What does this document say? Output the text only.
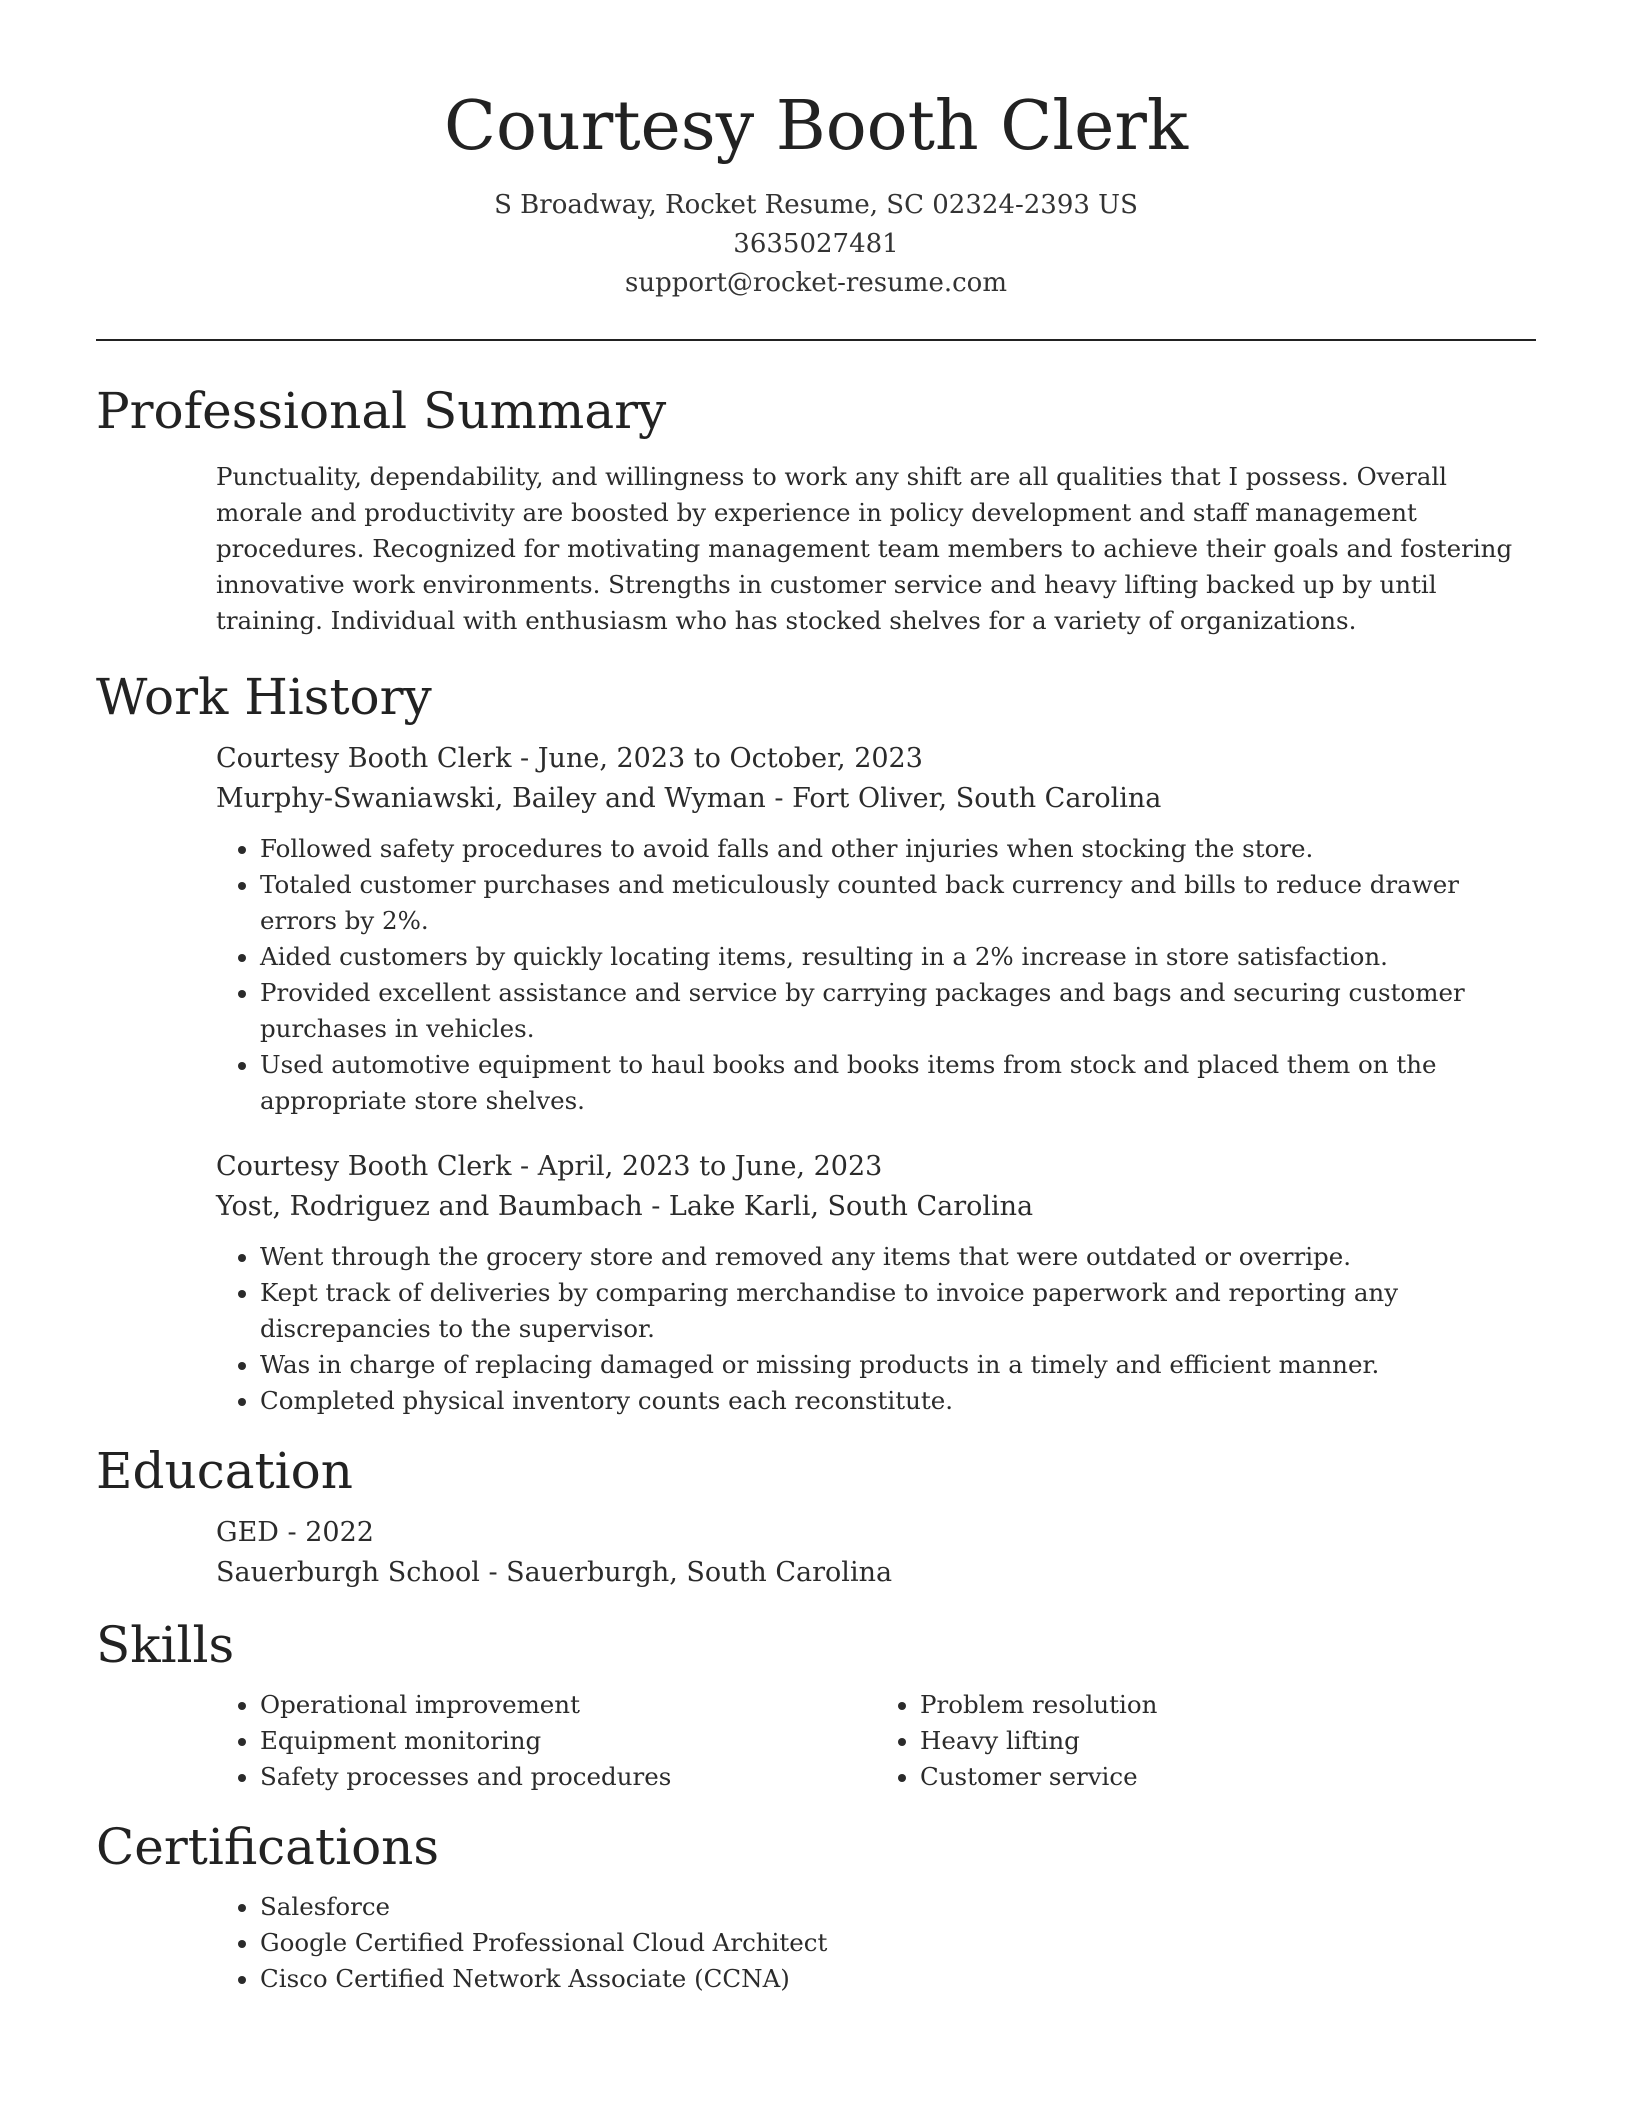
Courtesy Booth Clerk
S Broadway, Rocket Resume, SC 02324-2393 US
3635027481
support@rocket-resume.com
Professional Summary

Punctuality, dependability, and willingness to work any shift are all qualities that I possess. Overall morale and productivity are boosted by experience in policy development and staff management procedures. Recognized for motivating management team members to achieve their goals and fostering innovative work environments. Strengths in customer service and heavy lifting backed up by until training. Individual with enthusiasm who has stocked shelves for a variety of organizations.

Work History
Courtesy Booth Clerk - June, 2023 to October, 2023
Murphy-Swaniawski, Bailey and Wyman - Fort Oliver, South Carolina
• Followed safety procedures to avoid falls and other injuries when stocking the store.
• Totaled customer purchases and meticulously counted back currency and bills to reduce drawer errors by 2%.
• Aided customers by quickly locating items, resulting in a 2% increase in store satisfaction.
• Provided excellent assistance and service by carrying packages and bags and securing customer purchases in vehicles.
• Used automotive equipment to haul books and books items from stock and placed them on the appropriate store shelves.
Courtesy Booth Clerk - April, 2023 to June, 2023
Yost, Rodriguez and Baumbach - Lake Karli, South Carolina
• Went through the grocery store and removed any items that were outdated or overripe.
• Kept track of deliveries by comparing merchandise to invoice paperwork and reporting any discrepancies to the supervisor.
• Was in charge of replacing damaged or missing products in a timely and efficient manner.
• Completed physical inventory counts each reconstitute.
Education
GED - 2022
Sauerburgh School - Sauerburgh, South Carolina
Skills
• Operational improvement
• Equipment monitoring
• Safety processes and procedures
• Problem resolution
• Heavy lifting
• Customer service
Certifications
• Salesforce
• Google Certified Professional Cloud Architect
• Cisco Certified Network Associate (CCNA)
